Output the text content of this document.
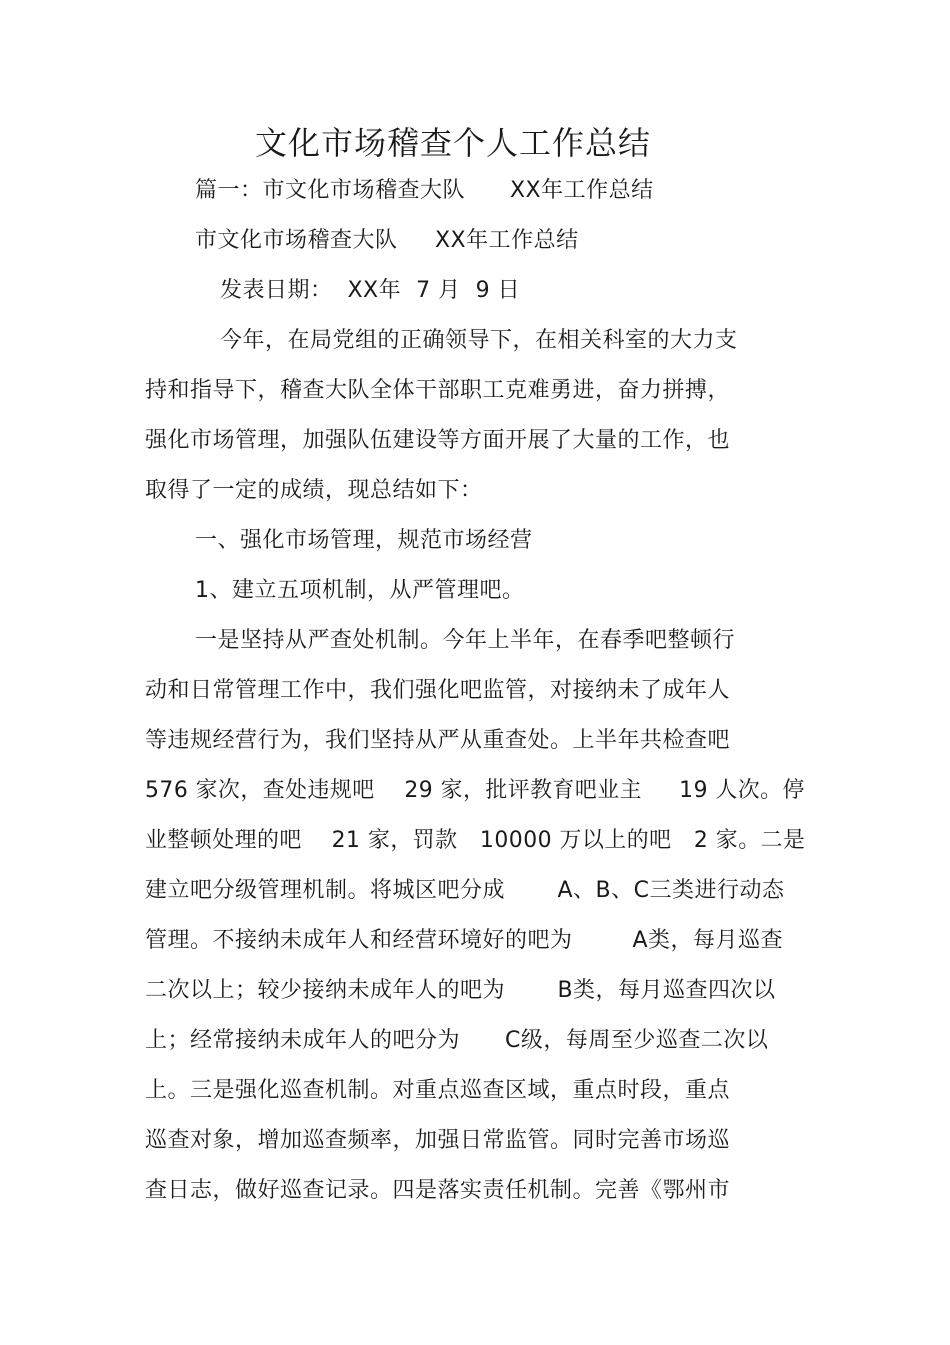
文化市场稽查个人工作总结
篇一：市文化市场稽查大队      XX年工作总结
市文化市场稽查大队     XX年工作总结
发表日期：  XX年  7 月  9 日
今年，在局党组的正确领导下，在相关科室的大力支
持和指导下，稽查大队全体干部职工克难勇进，奋力拼搏，
强化市场管理，加强队伍建设等方面开展了大量的工作，也
取得了一定的成绩，现总结如下：
一、强化市场管理，规范市场经营
1、建立五项机制，从严管理吧。
一是坚持从严查处机制。今年上半年，在春季吧整顿行
动和日常管理工作中，我们强化吧监管，对接纳未了成年人
等违规经营行为，我们坚持从严从重查处。上半年共检查吧
576 家次，查处违规吧    29 家，批评教育吧业主     19 人次。停
业整顿处理的吧    21 家，罚款   10000 万以上的吧   2 家。二是
建立吧分级管理机制。将城区吧分成       A、B、C三类进行动态
管理。不接纳未成年人和经营环境好的吧为        A类，每月巡查
二次以上；较少接纳未成年人的吧为       B类，每月巡查四次以
上；经常接纳未成年人的吧分为      C级，每周至少巡查二次以
上。三是强化巡查机制。对重点巡查区域，重点时段，重点
巡查对象，增加巡查频率，加强日常监管。同时完善市场巡
查日志，做好巡查记录。四是落实责任机制。完善《鄂州市
